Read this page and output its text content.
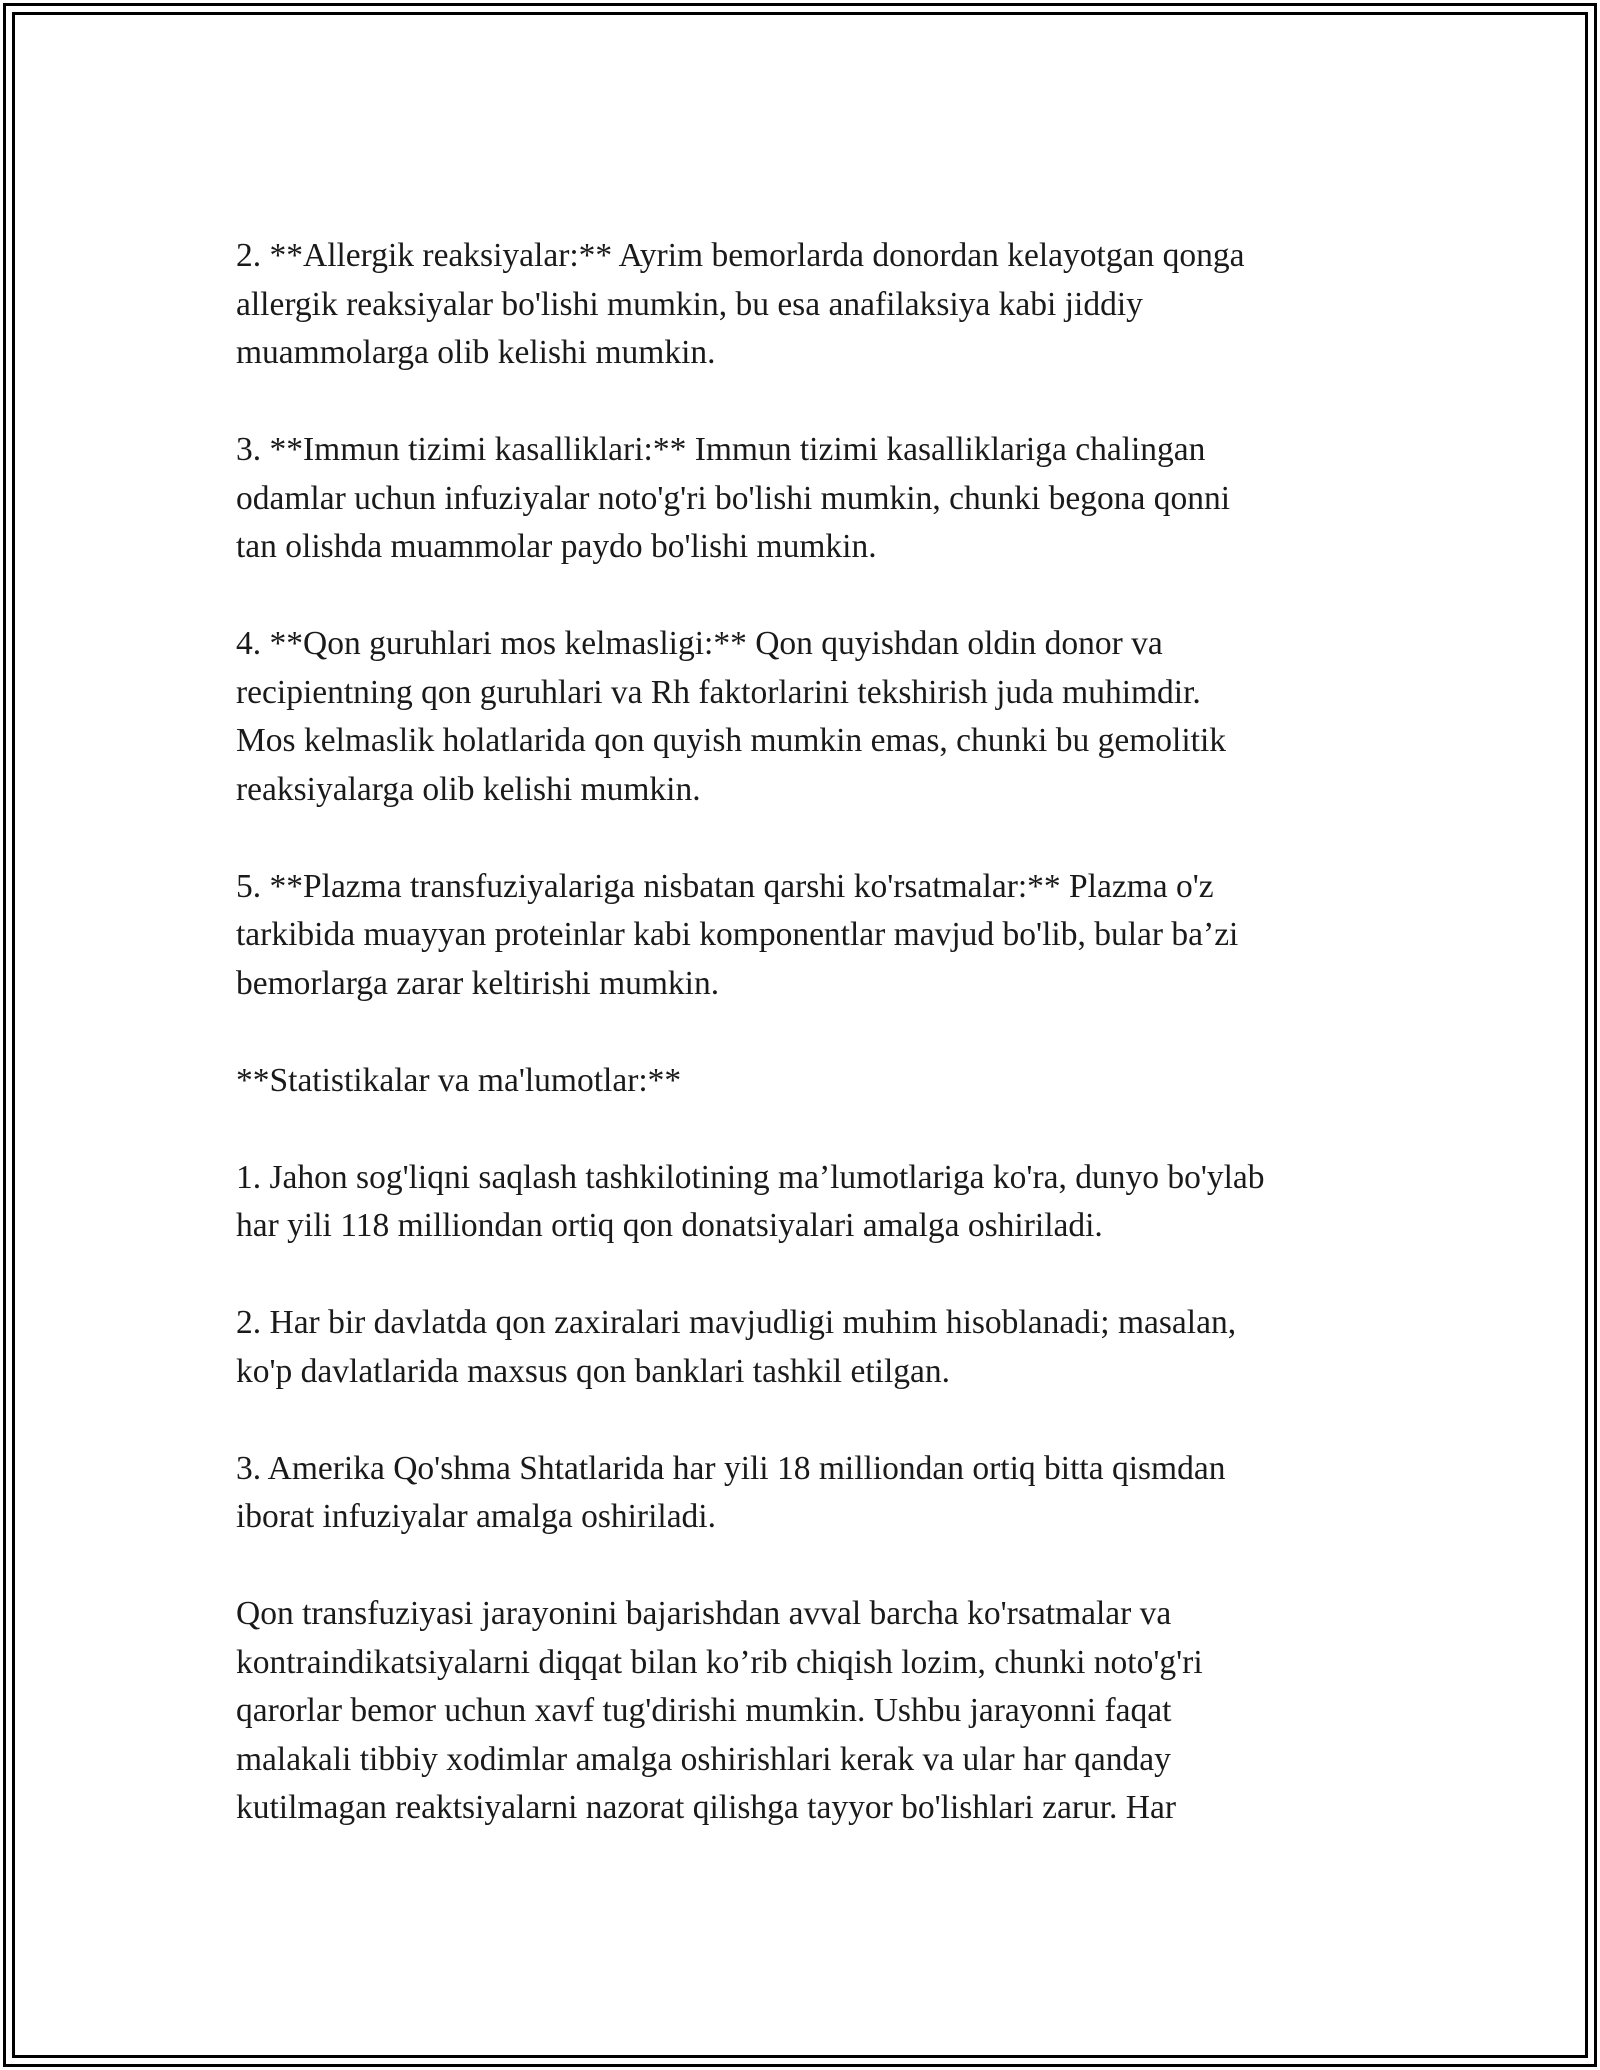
2. **Allergik reaksiyalar:** Ayrim bemorlarda donordan kelayotgan qonga
allergik reaksiyalar bo'lishi mumkin, bu esa anafilaksiya kabi jiddiy
muammolarga olib kelishi mumkin.

3. **Immun tizimi kasalliklari:** Immun tizimi kasalliklariga chalingan
odamlar uchun infuziyalar noto'g'ri bo'lishi mumkin, chunki begona qonni
tan olishda muammolar paydo bo'lishi mumkin.

4. **Qon guruhlari mos kelmasligi:** Qon quyishdan oldin donor va
recipientning qon guruhlari va Rh faktorlarini tekshirish juda muhimdir.
Mos kelmaslik holatlarida qon quyish mumkin emas, chunki bu gemolitik
reaksiyalarga olib kelishi mumkin.

5. **Plazma transfuziyalariga nisbatan qarshi ko'rsatmalar:** Plazma o'z
tarkibida muayyan proteinlar kabi komponentlar mavjud bo'lib, bular ba’zi
bemorlarga zarar keltirishi mumkin.

**Statistikalar va ma'lumotlar:**

1. Jahon sog'liqni saqlash tashkilotining ma’lumotlariga ko'ra, dunyo bo'ylab
har yili 118 milliondan ortiq qon donatsiyalari amalga oshiriladi.

2. Har bir davlatda qon zaxiralari mavjudligi muhim hisoblanadi; masalan,
ko'p davlatlarida maxsus qon banklari tashkil etilgan.

3. Amerika Qo'shma Shtatlarida har yili 18 milliondan ortiq bitta qismdan
iborat infuziyalar amalga oshiriladi.

Qon transfuziyasi jarayonini bajarishdan avval barcha ko'rsatmalar va
kontraindikatsiyalarni diqqat bilan ko’rib chiqish lozim, chunki noto'g'ri
qarorlar bemor uchun xavf tug'dirishi mumkin. Ushbu jarayonni faqat
malakali tibbiy xodimlar amalga oshirishlari kerak va ular har qanday
kutilmagan reaktsiyalarni nazorat qilishga tayyor bo'lishlari zarur. Har
